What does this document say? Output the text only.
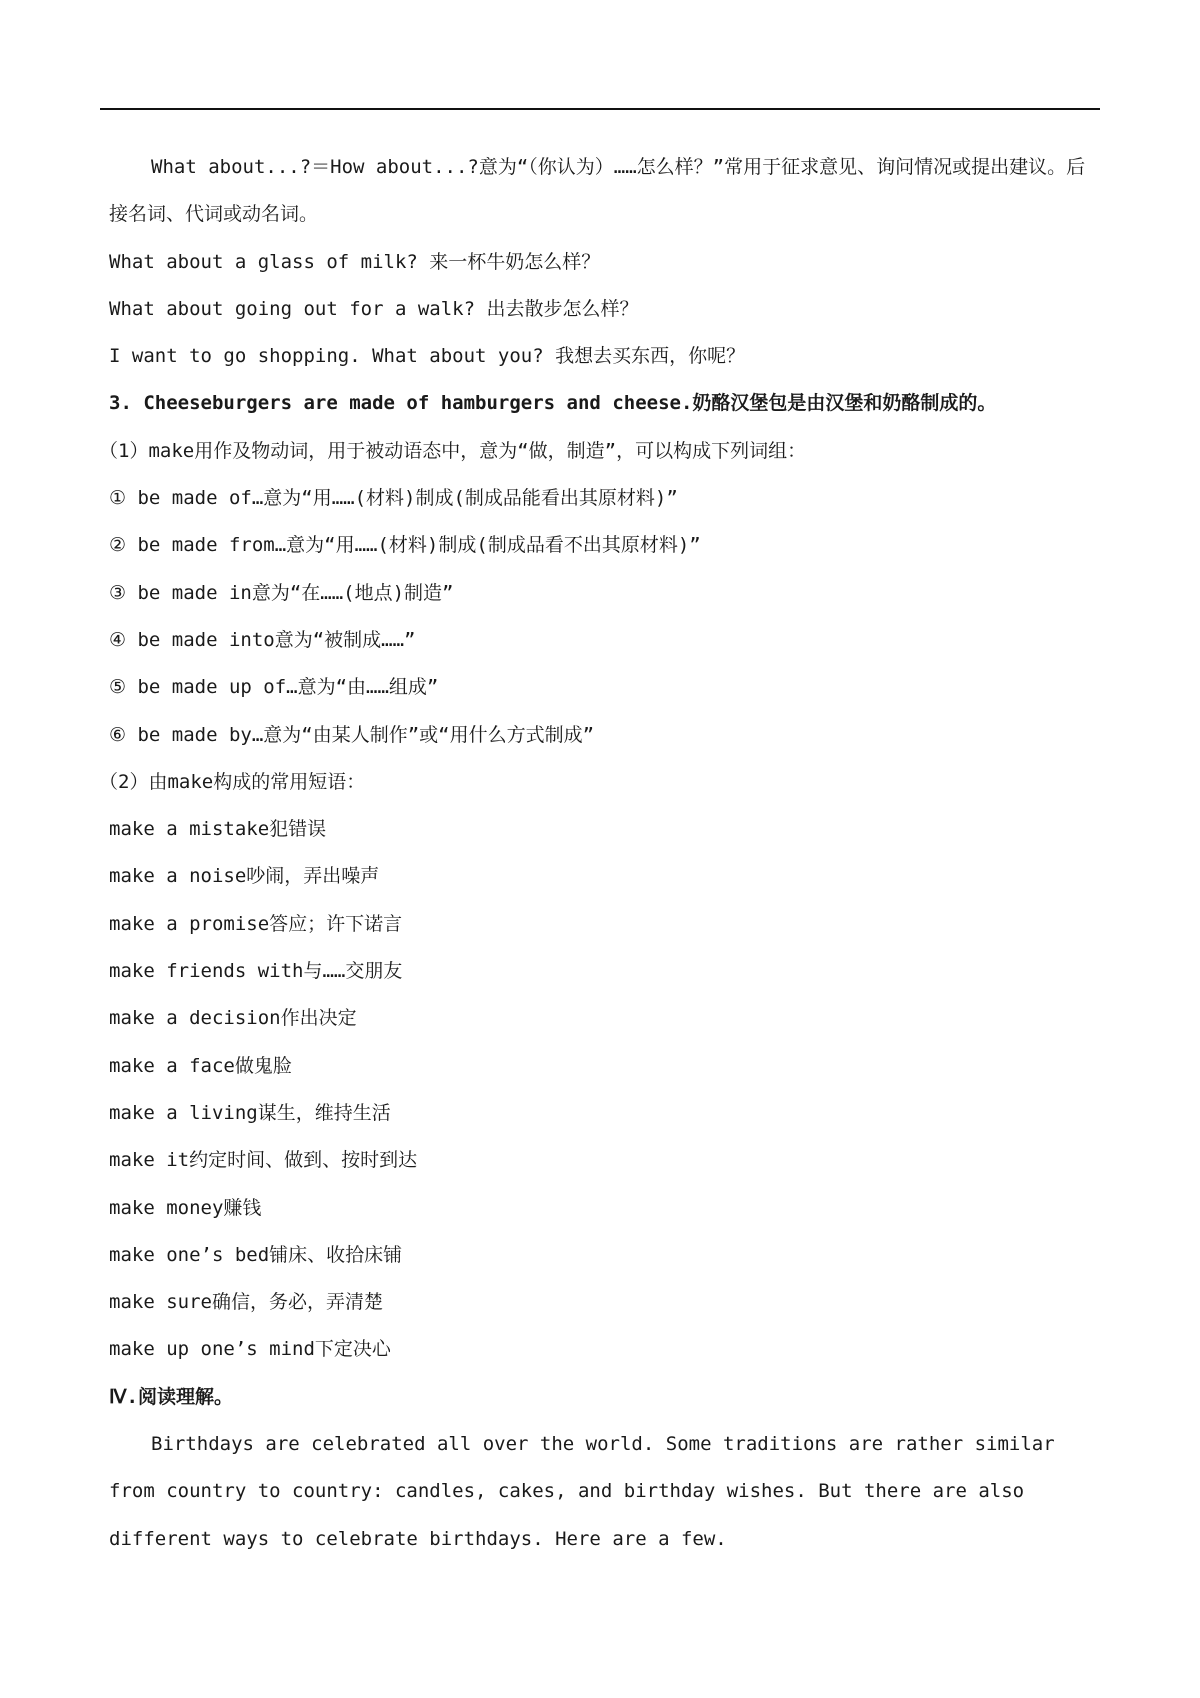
What about...?＝How about...?意为“（你认为）……怎么样？”常用于征求意见、询问情况或提出建议。后接名词、代词或动名词。
What about a glass of milk? 来一杯牛奶怎么样？
What about going out for a walk? 出去散步怎么样？
I want to go shopping. What about you? 我想去买东西，你呢？
3. Cheeseburgers are made of hamburgers and cheese.奶酪汉堡包是由汉堡和奶酪制成的。
（1）make用作及物动词，用于被动语态中，意为“做，制造”，可以构成下列词组：
① be made of…意为“用……(材料)制成(制成品能看出其原材料)”
② be made from…意为“用……(材料)制成(制成品看不出其原材料)”
③ be made in意为“在……(地点)制造”
④ be made into意为“被制成……”
⑤ be made up of…意为“由……组成”
⑥ be made by…意为“由某人制作”或“用什么方式制成”
（2）由make构成的常用短语：
make a mistake犯错误
make a noise吵闹，弄出噪声
make a promise答应；许下诺言
make friends with与……交朋友
make a decision作出决定
make a face做鬼脸
make a living谋生，维持生活
make it约定时间、做到、按时到达
make money赚钱
make one’s bed铺床、收拾床铺
make sure确信，务必，弄清楚
make up one’s mind下定决心
Ⅳ.阅读理解。
Birthdays are celebrated all over the world. Some traditions are rather similar from country to country: candles, cakes, and birthday wishes. But there are also different ways to celebrate birthdays. Here are a few.
